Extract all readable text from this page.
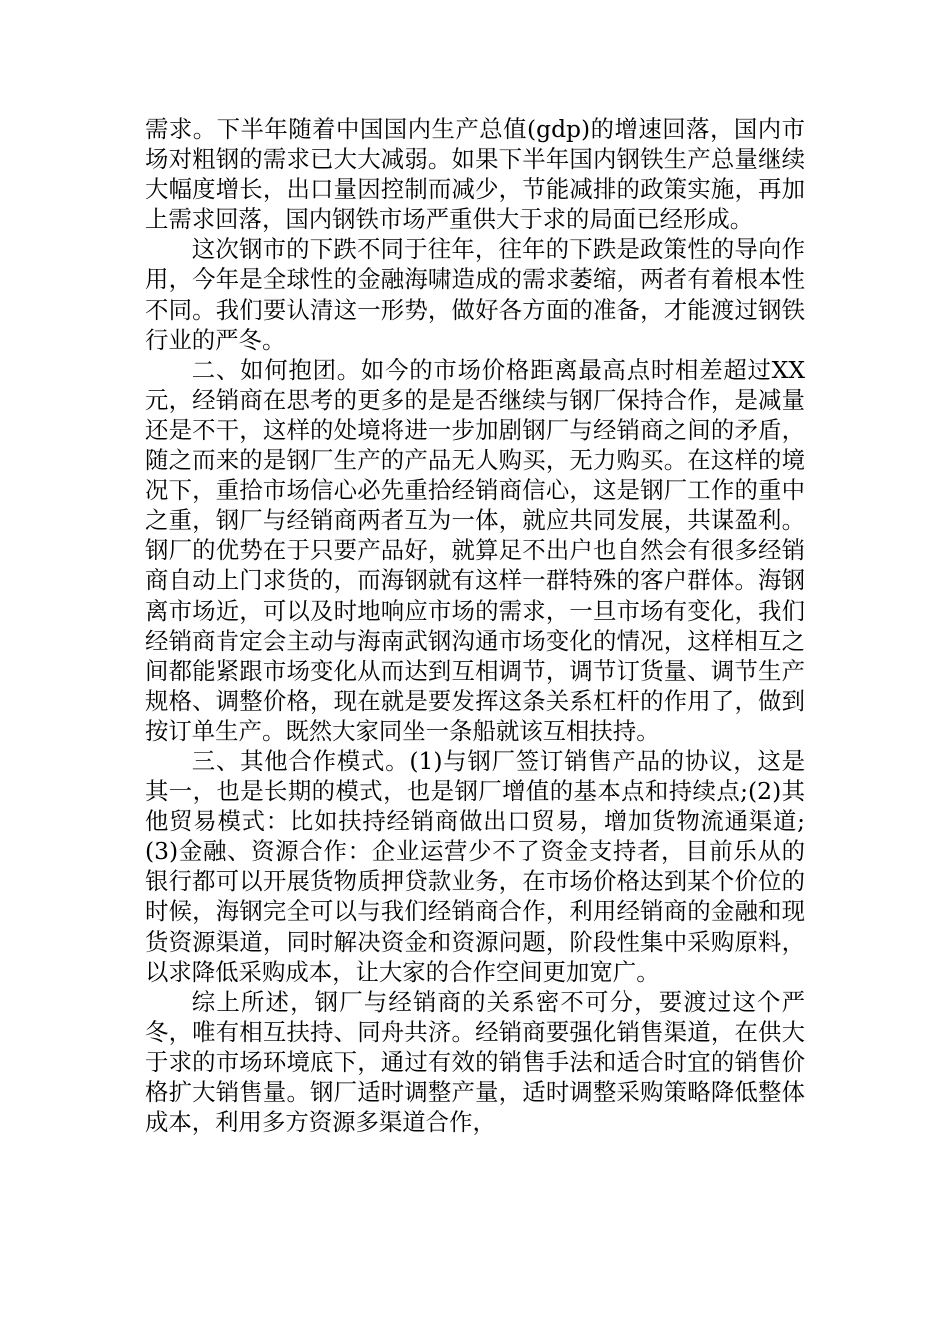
需求。下半年随着中国国内生产总值(gdp)的增速回落，国内市场对粗钢的需求已大大减弱。如果下半年国内钢铁生产总量继续大幅度增长，出口量因控制而减少，节能减排的政策实施，再加上需求回落，国内钢铁市场严重供大于求的局面已经形成。

这次钢市的下跌不同于往年，往年的下跌是政策性的导向作用，今年是全球性的金融海啸造成的需求萎缩，两者有着根本性不同。我们要认清这一形势，做好各方面的准备，才能渡过钢铁行业的严冬。

二、如何抱团。如今的市场价格距离最高点时相差超过XX元，经销商在思考的更多的是是否继续与钢厂保持合作，是减量还是不干，这样的处境将进一步加剧钢厂与经销商之间的矛盾，随之而来的是钢厂生产的产品无人购买，无力购买。在这样的境况下，重拾市场信心必先重拾经销商信心，这是钢厂工作的重中之重，钢厂与经销商两者互为一体，就应共同发展，共谋盈利。钢厂的优势在于只要产品好，就算足不出户也自然会有很多经销商自动上门求货的，而海钢就有这样一群特殊的客户群体。海钢离市场近，可以及时地响应市场的需求，一旦市场有变化，我们经销商肯定会主动与海南武钢沟通市场变化的情况，这样相互之间都能紧跟市场变化从而达到互相调节，调节订货量、调节生产规格、调整价格，现在就是要发挥这条关系杠杆的作用了，做到按订单生产。既然大家同坐一条船就该互相扶持。

三、其他合作模式。(1)与钢厂签订销售产品的协议，这是其一，也是长期的模式，也是钢厂增值的基本点和持续点;(2)其他贸易模式：比如扶持经销商做出口贸易，增加货物流通渠道;(3)金融、资源合作：企业运营少不了资金支持者，目前乐从的银行都可以开展货物质押贷款业务，在市场价格达到某个价位的时候，海钢完全可以与我们经销商合作，利用经销商的金融和现货资源渠道，同时解决资金和资源问题，阶段性集中采购原料，以求降低采购成本，让大家的合作空间更加宽广。

综上所述，钢厂与经销商的关系密不可分，要渡过这个严冬，唯有相互扶持、同舟共济。经销商要强化销售渠道，在供大于求的市场环境底下，通过有效的销售手法和适合时宜的销售价格扩大销售量。钢厂适时调整产量，适时调整采购策略降低整体成本，利用多方资源多渠道合作，
